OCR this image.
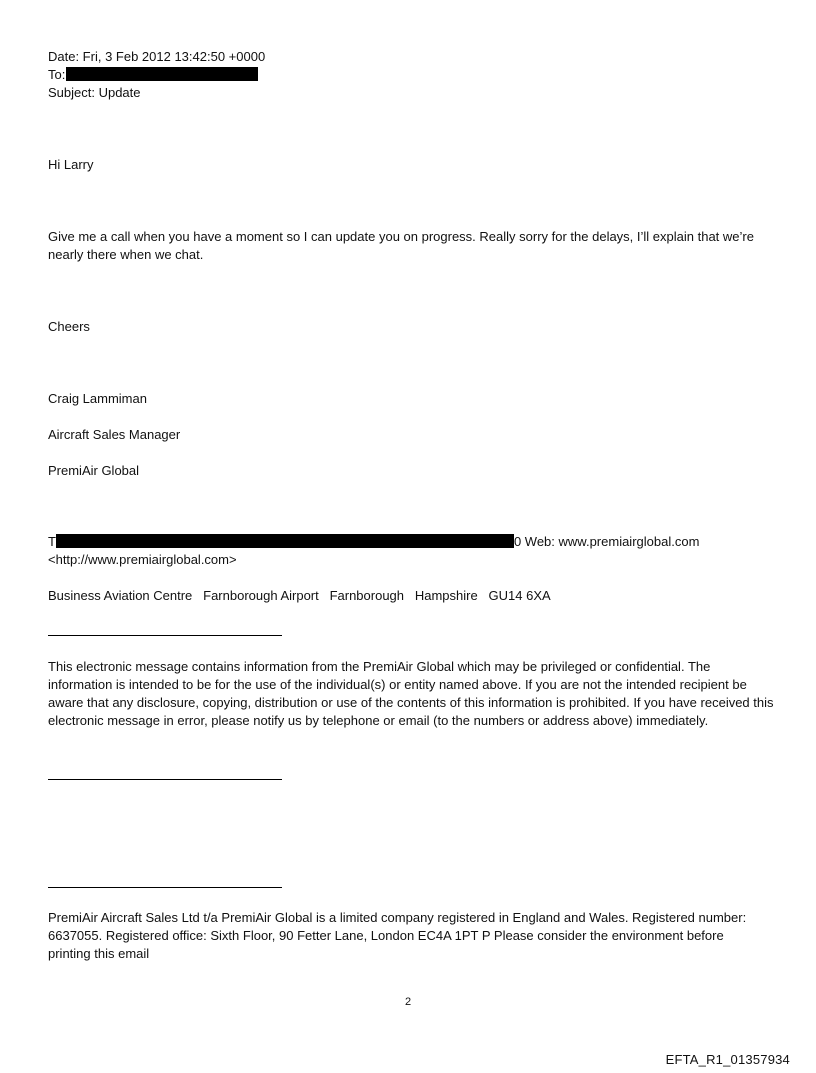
Date: Fri, 3 Feb 2012 13:42:50 +0000
To:
Subject: Update
Hi Larry
Give me a call when you have a moment so I can update you on progress. Really sorry for the delays, I’ll explain that we’re nearly there when we chat.
Cheers
Craig Lammiman
Aircraft Sales Manager
PremiAir Global
T	0 Web: www.premiairglobal.com
<http://www.premiairglobal.com>
Business Aviation Centre   Farnborough Airport   Farnborough   Hampshire   GU14 6XA
This electronic message contains information from the PremiAir Global which may be privileged or confidential. The information is intended to be for the use of the individual(s) or entity named above. If you are not the intended recipient be aware that any disclosure, copying, distribution or use of the contents of this information is prohibited. If you have received this electronic message in error, please notify us by telephone or email (to the numbers or address above) immediately.
PremiAir Aircraft Sales Ltd t/a PremiAir Global is a limited company registered in England and Wales. Registered number: 6637055. Registered office: Sixth Floor, 90 Fetter Lane, London EC4A 1PT P Please consider the environment before printing this email
2
EFTA_R1_01357934
